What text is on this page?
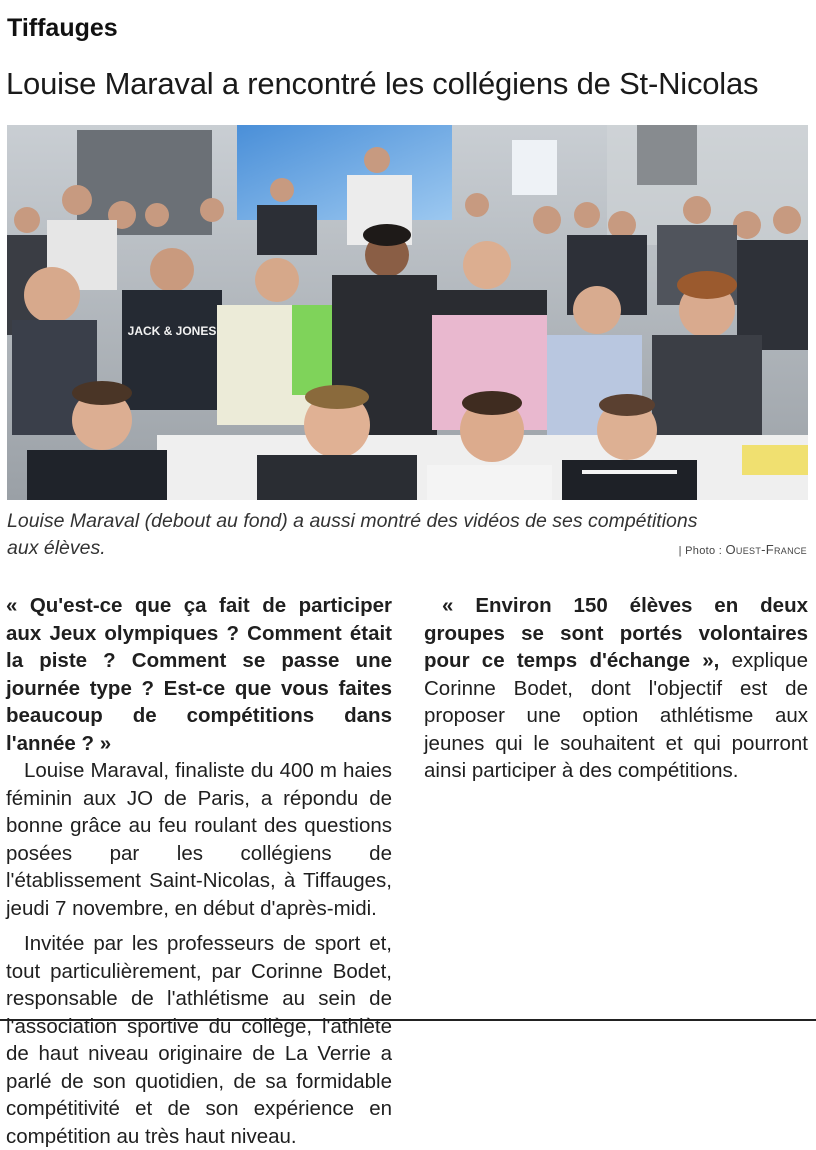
Tiffauges
Louise Maraval a rencontré les collégiens de St-Nicolas
JACK & JONES
Louise Maraval (debout au fond) a aussi montré des vidéos de ses compétitions
aux élèves.	| Photo : Ouest-France

« Qu'est-ce que ça fait de participer aux Jeux olympiques ? Comment était la piste ? Comment se passe une journée type ? Est-ce que vous faites beaucoup de compétitions dans l'année ? »

Louise Maraval, finaliste du 400 m haies féminin aux JO de Paris, a répondu de bonne grâce au feu roulant des questions posées par les collégiens de l'établissement Saint-Nicolas, à Tiffauges, jeudi 7 novembre, en début d'après-midi.

Invitée par les professeurs de sport et, tout particulièrement, par Corinne Bodet, responsable de l'athlétisme au sein de l'association sportive du collège, l'athlète de haut niveau originaire de La Verrie a parlé de son quotidien, de sa formidable compétitivité et de son expérience en compétition au très haut niveau.

« Environ 150 élèves en deux groupes se sont portés volontaires pour ce temps d'échange », explique Corinne Bodet, dont l'objectif est de proposer une option athlétisme aux jeunes qui le souhaitent et qui pourront ainsi participer à des compétitions.
